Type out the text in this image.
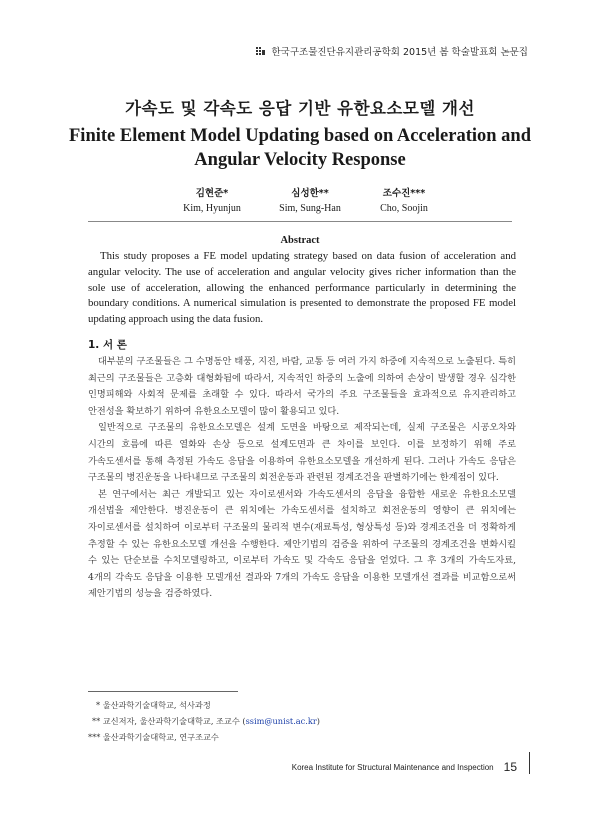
한국구조물진단유지관리공학회 2015년 봄 학술발표회 논문집
가속도 및 각속도 응답 기반 유한요소모델 개선
Finite Element Model Updating based on Acceleration and
Angular Velocity Response
김현준*
Kim, Hyunjun
심성한**
Sim, Sung-Han
조수진***
Cho, Soojin
Abstract
This study proposes a FE model updating strategy based on data fusion of acceleration and angular velocity. The use of acceleration and angular velocity gives richer information than the sole use of acceleration, allowing the enhanced performance particularly in determining the boundary conditions. A numerical simulation is presented to demonstrate the proposed FE model updating approach using the data fusion.
1. 서 론

대부분의 구조물들은 그 수명동안 태풍, 지진, 바람, 교통 등 여러 가지 하중에 지속적으로 노출된다. 특히 최근의 구조물들은 고층화 대형화됨에 따라서, 지속적인 하중의 노출에 의하여 손상이 발생할 경우 심각한 인명피해와 사회적 문제를 초래할 수 있다. 따라서 국가의 주요 구조물들을 효과적으로 유지관리하고 안전성을 확보하기 위하여 유한요소모델이 많이 활용되고 있다.

일반적으로 구조물의 유한요소모델은 설계 도면을 바탕으로 제작되는데, 실제 구조물은 시공오차와 시간의 흐름에 따른 열화와 손상 등으로 설계도면과 큰 차이를 보인다. 이를 보정하기 위해 주로 가속도센서를 통해 측정된 가속도 응답을 이용하여 유한요소모델을 개선하게 된다. 그러나 가속도 응답은 구조물의 병진운동을 나타내므로 구조물의 회전운동과 관련된 경계조건을 판별하기에는 한계점이 있다.

본 연구에서는 최근 개발되고 있는 자이로센서와 가속도센서의 응답을 융합한 새로운 유한요소모델 개선법을 제안한다. 병진운동이 큰 위치에는 가속도센서를 설치하고 회전운동의 영향이 큰 위치에는 자이로센서를 설치하여 이로부터 구조물의 물리적 변수(재료특성, 형상특성 등)와 경계조건을 더 정확하게 추정할 수 있는 유한요소모델 개선을 수행한다. 제안기법의 검증을 위하여 구조물의 경계조건을 변화시킬 수 있는 단순보를 수치모델링하고, 이로부터 가속도 및 각속도 응답을 얻었다. 그 후 3개의 가속도자료, 4개의 각속도 응답을 이용한 모델개선 결과와 7개의 가속도 응답을 이용한 모델개선 결과를 비교함으로써 제안기법의 성능을 검증하였다.

* 울산과학기술대학교, 석사과정
** 교신저자, 울산과학기술대학교, 조교수 (ssim@unist.ac.kr)
*** 울산과학기술대학교, 연구조교수
Korea Institute for Structural Maintenance and Inspection 15
